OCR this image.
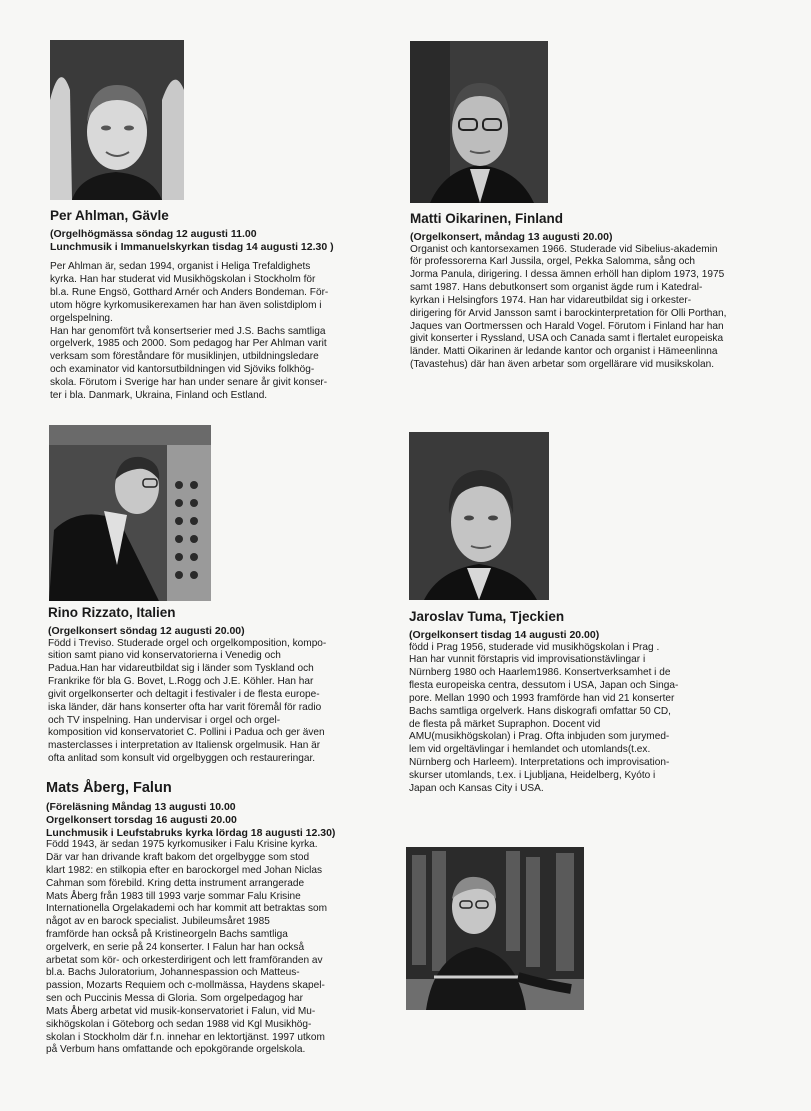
Per Ahlman, Gävle
(Orgelhögmässa söndag 12 augusti 11.00
Lunchmusik i Immanuelskyrkan tisdag 14 augusti 12.30 )
Per Ahlman är, sedan 1994, organist i Heliga Trefaldighets
kyrka. Han har studerat vid Musikhögskolan i Stockholm för
bl.a. Rune Engsö, Gotthard Arnér och Anders Bondeman. För-
utom högre kyrkomusikerexamen har han även solistdiplom i
orgelspelning.
Han har genomfört två konsertserier med J.S. Bachs samtliga
orgelverk, 1985 och 2000. Som pedagog har Per Ahlman varit
verksam som föreståndare för musiklinjen, utbildningsledare
och examinator vid kantorsutbildningen vid Sjöviks folkhög-
skola. Förutom i Sverige har han under senare år givit konser-
ter i bla. Danmark, Ukraina, Finland och Estland.
Matti Oikarinen, Finland
(Orgelkonsert, måndag 13 augusti 20.00)
Organist och kantorsexamen 1966. Studerade vid Sibelius-akademin
för professorerna Karl Jussila, orgel, Pekka Salomma, sång och
Jorma Panula, dirigering. I dessa ämnen erhöll han diplom 1973, 1975
samt 1987. Hans debutkonsert som organist ägde rum i Katedral-
kyrkan i Helsingfors 1974. Han har vidareutbildat sig i orkester-
dirigering för Arvid Jansson samt i barockinterpretation för Olli Porthan,
Jaques van Oortmerssen och Harald Vogel. Förutom i Finland har han
givit konserter i Ryssland, USA och Canada samt i flertalet europeiska
länder. Matti Oikarinen är ledande kantor och organist i Hämeenlinna
(Tavastehus) där han även arbetar som orgellärare vid musikskolan.
Rino Rizzato, Italien
(Orgelkonsert söndag 12 augusti 20.00)
Född i Treviso. Studerade orgel och orgelkomposition, kompo-
sition samt piano vid konservatorierna i Venedig och
Padua.Han har vidareutbildat sig i länder som Tyskland och
Frankrike för bla G. Bovet, L.Rogg och J.E. Köhler. Han har
givit orgelkonserter och deltagit i festivaler i de flesta europe-
iska länder, där hans konserter ofta har varit föremål för radio
och TV inspelning. Han undervisar i orgel och orgel-
komposition vid konservatoriet C. Pollini i Padua och ger även
masterclasses i interpretation av Italiensk orgelmusik. Han är
ofta anlitad som konsult vid orgelbyggen och restaureringar.
Jaroslav Tuma, Tjeckien
(Orgelkonsert tisdag 14 augusti 20.00)
född i Prag 1956, studerade vid musikhögskolan i Prag .
Han har vunnit förstapris vid improvisationstävlingar i
Nürnberg 1980 och Haarlem1986. Konsertverksamhet i de
flesta europeiska centra, dessutom i USA, Japan och Singa-
pore. Mellan 1990 och 1993 framförde han vid 21 konserter
Bachs samtliga orgelverk. Hans diskografi omfattar 50 CD,
de flesta på märket Supraphon. Docent vid
AMU(musikhögskolan) i Prag. Ofta inbjuden som jurymed-
lem vid orgeltävlingar i hemlandet och utomlands(t.ex.
Nürnberg och Harleem). Interpretations och improvisation-
skurser utomlands, t.ex. i Ljubljana, Heidelberg, Kyóto i
Japan och Kansas City i USA.
Mats Åberg, Falun
(Föreläsning Måndag 13 augusti 10.00
Orgelkonsert torsdag 16 augusti 20.00
Lunchmusik i Leufstabruks kyrka lördag 18 augusti 12.30)
Född 1943, är sedan 1975 kyrkomusiker i Falu Krisine kyrka.
Där var han drivande kraft bakom det orgelbygge som stod
klart 1982: en stilkopia efter en barockorgel med Johan Niclas
Cahman som förebild. Kring detta instrument arrangerade
Mats Åberg från 1983 till 1993 varje sommar Falu Krisine
Internationella Orgelakademi och har kommit att betraktas som
något av en barock specialist. Jubileumsåret 1985
framförde han också på Kristineorgeln Bachs samtliga
orgelverk, en serie på 24 konserter. I Falun har han också
arbetat som kör- och orkesterdirigent och lett framföranden av
bl.a. Bachs Juloratorium, Johannespassion och Matteus-
passion, Mozarts Requiem och c-mollmässa, Haydens skapel-
sen och Puccinis Messa di Gloria. Som orgelpedagog har
Mats Åberg arbetat vid musik-konservatoriet i Falun, vid Mu-
sikhögskolan i Göteborg och sedan 1988 vid Kgl Musikhög-
skolan i Stockholm där f.n. innehar en lektortjänst. 1997 utkom
på Verbum hans omfattande och epokgörande orgelskola.
